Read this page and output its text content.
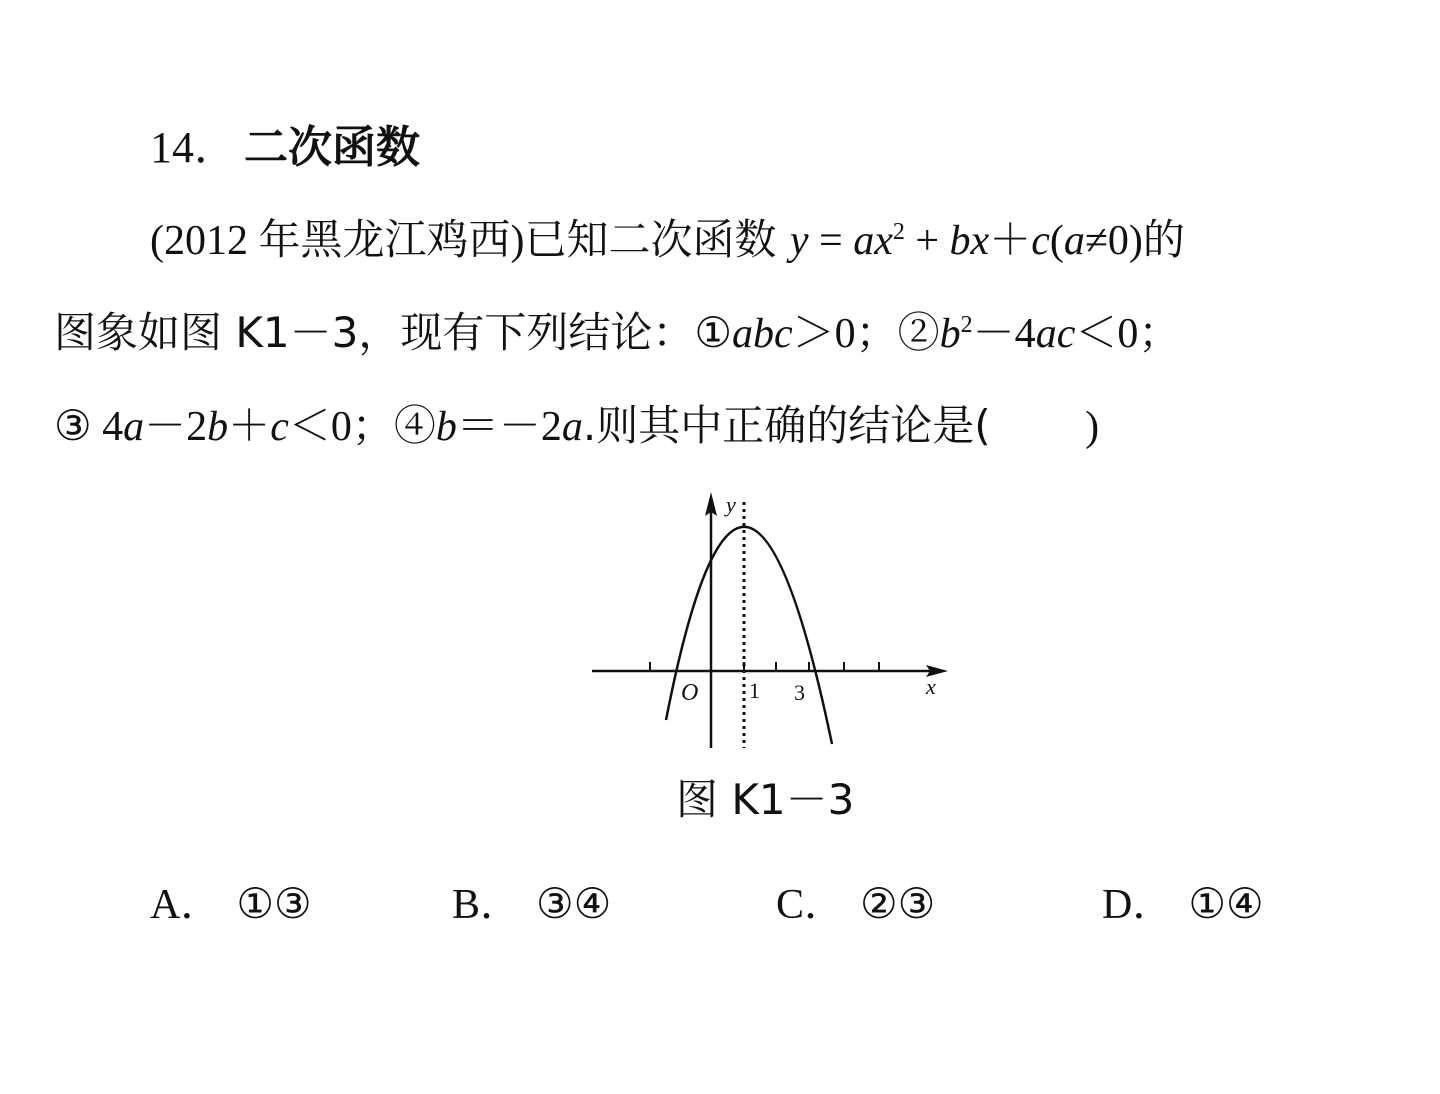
14． 二次函数
(2012 年黑龙江鸡西)已知二次函数 $y = ax^2 + bx+c(a\ne 0)$的
图象如图 K1－3，现有下列结论：①abc＞0；$②b^2-4ac<0$；
③ 4a－2b＋c＜0；④b＝－2a.则其中正确的结论是( )
y
x
O 1 3
图 K1－3
A． ①③	B． ③④	C． ②③	D． ①④
